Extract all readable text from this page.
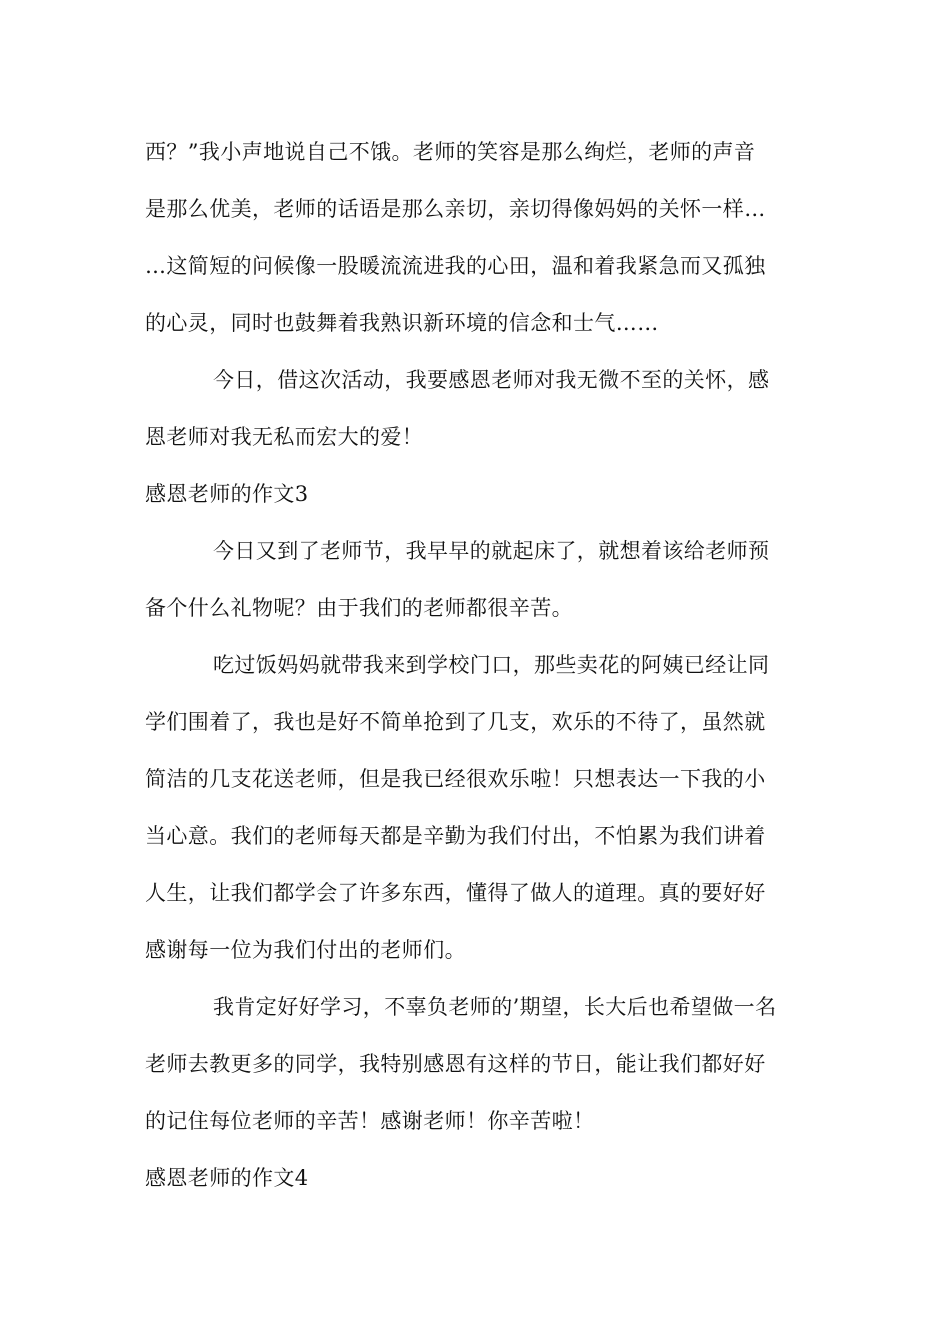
西？”我小声地说自己不饿。老师的笑容是那么绚烂，老师的声音
是那么优美，老师的话语是那么亲切，亲切得像妈妈的关怀一样…
…这简短的问候像一股暖流流进我的心田，温和着我紧急而又孤独
的心灵，同时也鼓舞着我熟识新环境的信念和士气……
今日，借这次活动，我要感恩老师对我无微不至的关怀，感
恩老师对我无私而宏大的爱！
感恩老师的作文3
今日又到了老师节，我早早的就起床了，就想着该给老师预
备个什么礼物呢？由于我们的老师都很辛苦。
吃过饭妈妈就带我来到学校门口，那些卖花的阿姨已经让同
学们围着了，我也是好不简单抢到了几支，欢乐的不待了，虽然就
简洁的几支花送老师，但是我已经很欢乐啦！只想表达一下我的小
当心意。我们的老师每天都是辛勤为我们付出，不怕累为我们讲着
人生，让我们都学会了许多东西，懂得了做人的道理。真的要好好
感谢每一位为我们付出的老师们。
我肯定好好学习，不辜负老师的’期望，长大后也希望做一名
老师去教更多的同学，我特别感恩有这样的节日，能让我们都好好
的记住每位老师的辛苦！感谢老师！你辛苦啦！
感恩老师的作文4
